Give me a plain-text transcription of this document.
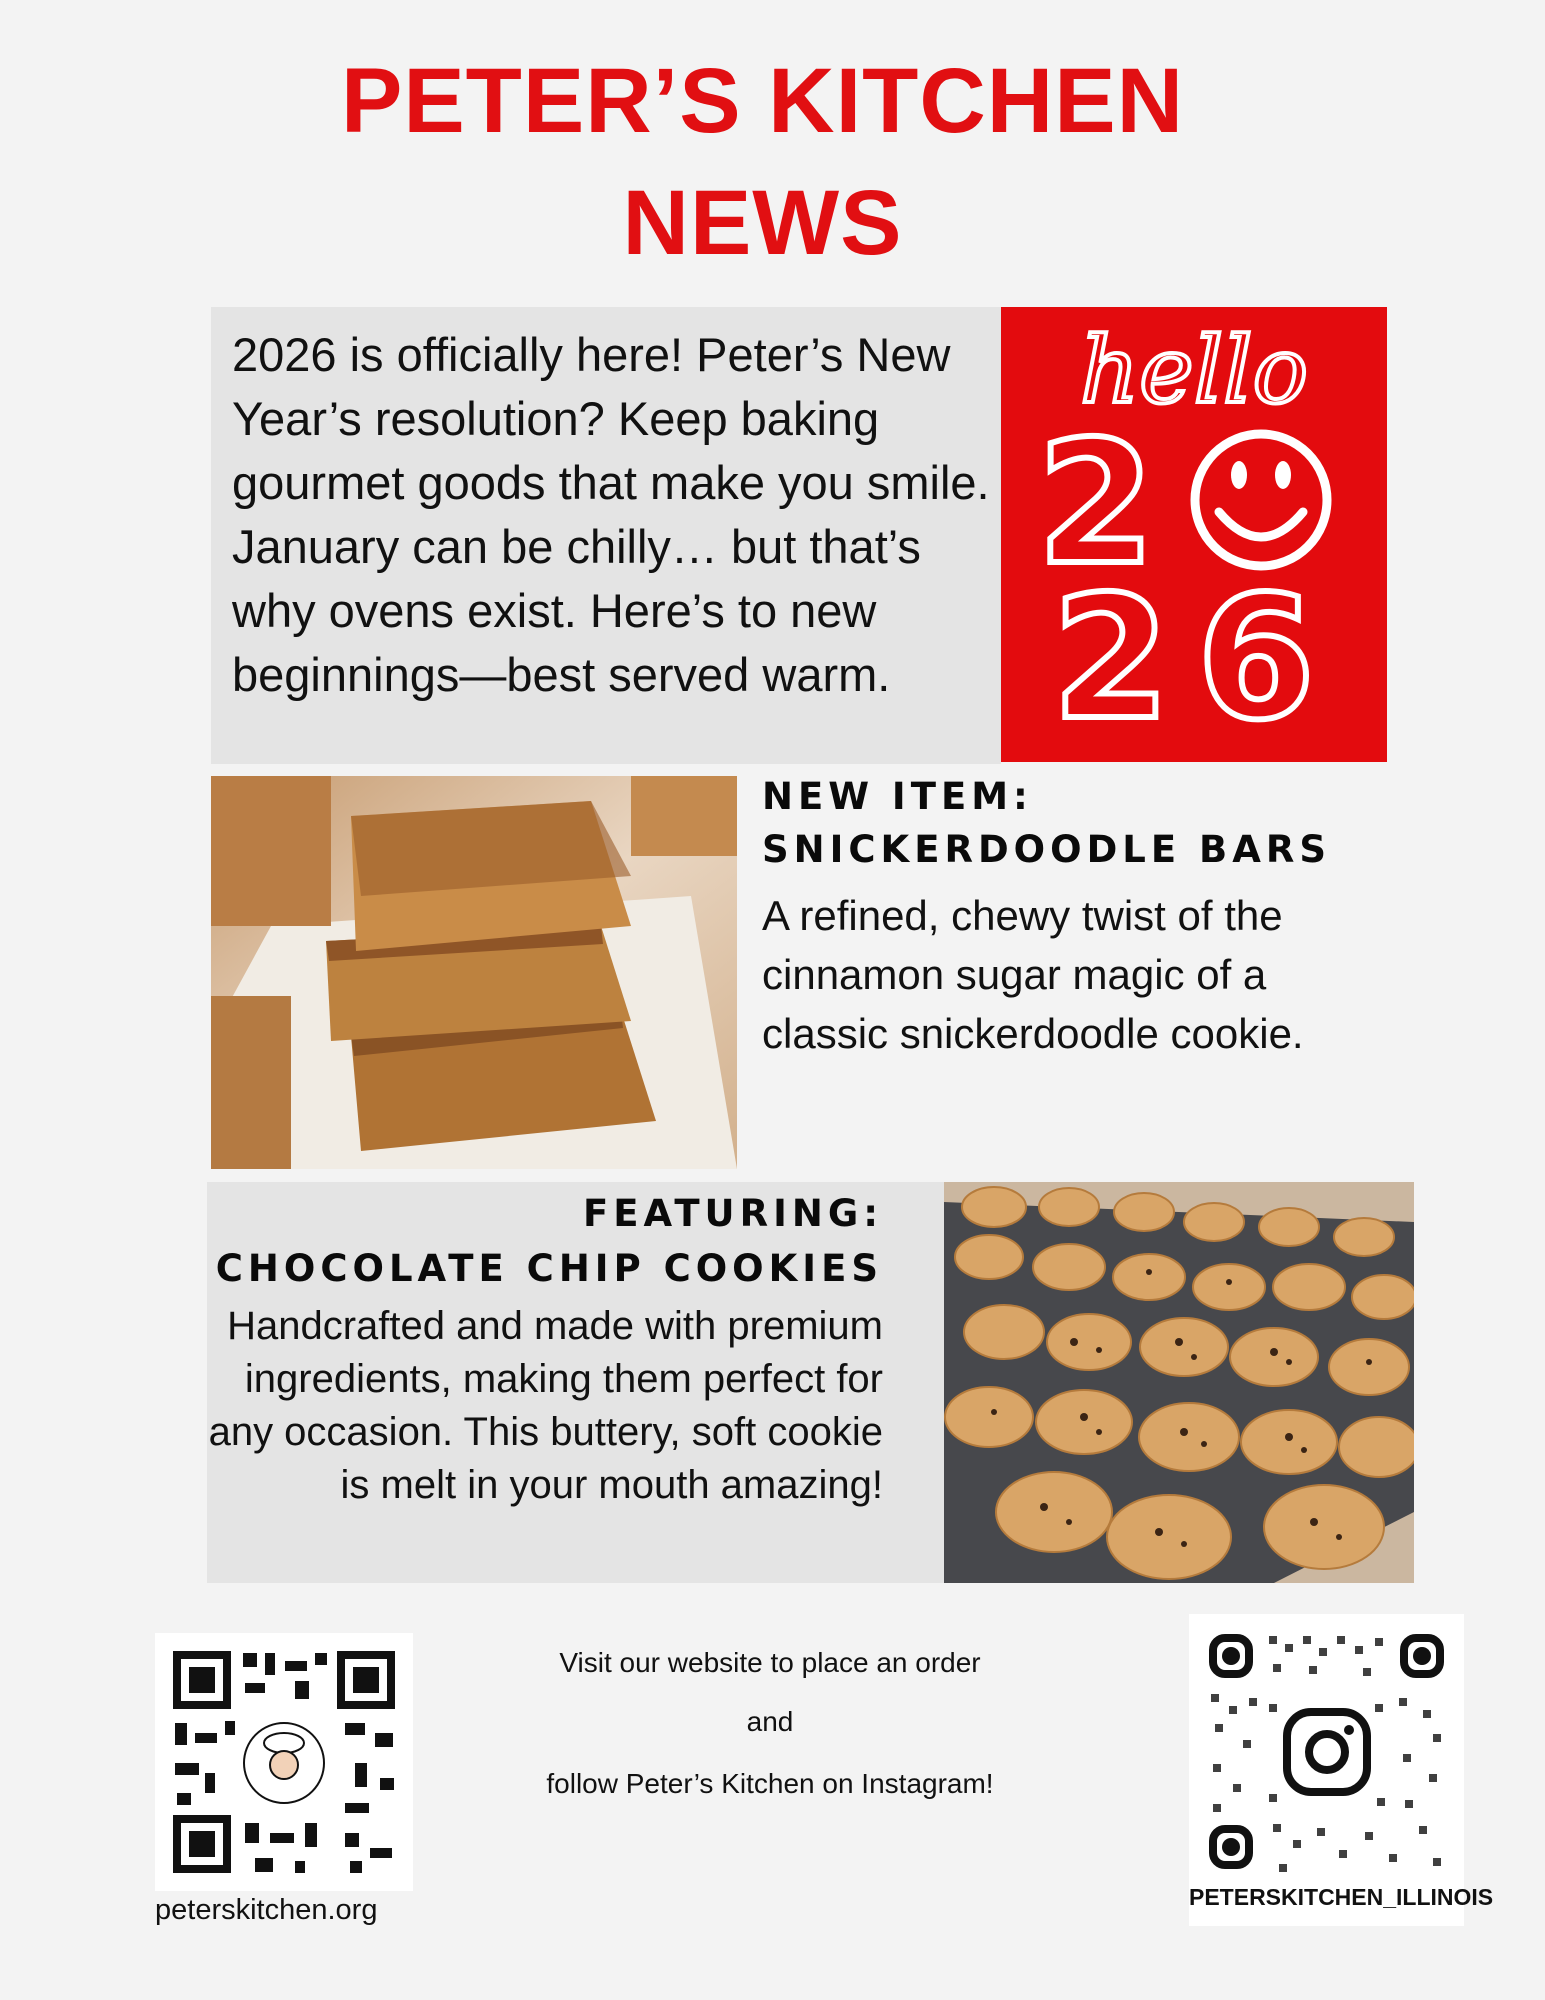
PETER’S KITCHEN
NEWS
2026 is officially here! Peter’s New Year’s resolution? Keep baking gourmet goods that make you smile. January can be chilly… but that’s why ovens exist. Here’s to new beginnings—best served warm.
hello
2
2 6
NEW ITEM:
SNICKERDOODLE BARS
A refined, chewy twist of the cinnamon sugar magic of a classic snickerdoodle cookie.
FEATURING:
CHOCOLATE CHIP COOKIES
Handcrafted and made with premium ingredients, making them perfect for any occasion. This buttery, soft cookie is melt in your mouth amazing!
peterskitchen.org
Visit our website to place an order
and
follow Peter’s Kitchen on Instagram!
PETERSKITCHEN_ILLINOIS
